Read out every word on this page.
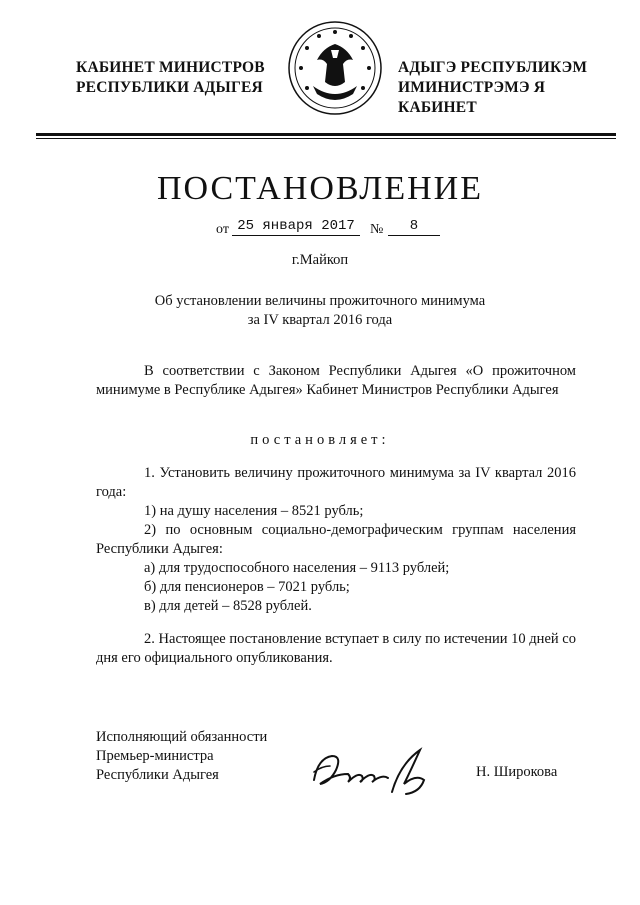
КАБИНЕТ МИНИСТРОВ
РЕСПУБЛИКИ АДЫГЕЯ
АДЫГЭ РЕСПУБЛИКЭМ
ИМИНИСТРЭМЭ Я КАБИНЕТ
ПОСТАНОВЛЕНИЕ
от 25 января 2017	№	8
г.Майкоп
Об установлении величины прожиточного минимума
за IV квартал 2016 года
В соответствии с Законом Республики Адыгея «О прожиточном минимуме в Республике Адыгея» Кабинет Министров Республики Адыгея
постановляет:
1. Установить величину прожиточного минимума за IV квартал 2016 года:
1) на душу населения – 8521 рубль;
2) по основным социально-демографическим группам населения Республики Адыгея:
а) для трудоспособного населения – 9113 рублей;
б) для пенсионеров – 7021 рубль;
в) для детей – 8528 рублей.
2. Настоящее постановление вступает в силу по истечении 10 дней со дня его официального опубликования.
Исполняющий обязанности
Премьер-министра
Республики Адыгея	Н. Широкова
